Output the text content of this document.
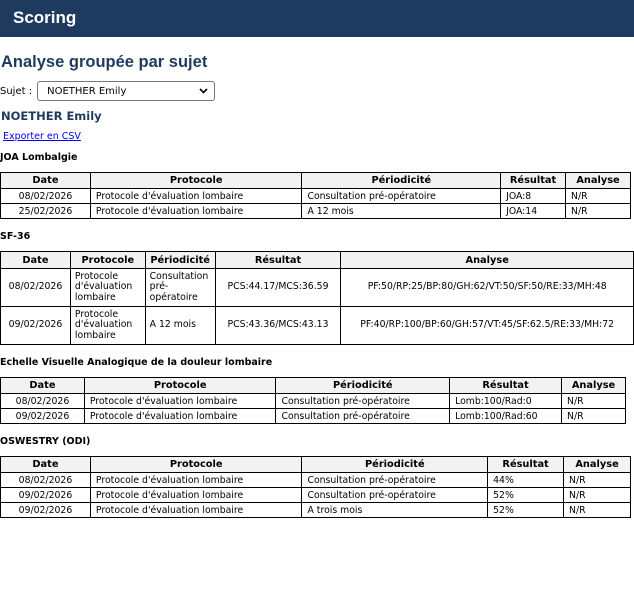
Scoring
Analyse groupée par sujet
Sujet : NOETHER Emily
NOETHER Emily
Exporter en CSV
JOA Lombalgie
Date	Protocole	Périodicité	Résultat	Analyse
08/02/2026	Protocole d'évaluation lombaire	Consultation pré-opératoire	JOA:8	N/R
25/02/2026	Protocole d'évaluation lombaire	A 12 mois	JOA:14	N/R
SF-36
Date	Protocole	Périodicité	Résultat	Analyse
08/02/2026	Protocole d'évaluation lombaire	Consultation pré-opératoire	PCS:44.17/MCS:36.59	PF:50/RP:25/BP:80/GH:62/VT:50/SF:50/RE:33/MH:48
09/02/2026	Protocole d'évaluation lombaire	A 12 mois	PCS:43.36/MCS:43.13	PF:40/RP:100/BP:60/GH:57/VT:45/SF:62.5/RE:33/MH:72
Echelle Visuelle Analogique de la douleur lombaire
Date	Protocole	Périodicité	Résultat	Analyse
08/02/2026	Protocole d'évaluation lombaire	Consultation pré-opératoire	Lomb:100/Rad:0	N/R
09/02/2026	Protocole d'évaluation lombaire	Consultation pré-opératoire	Lomb:100/Rad:60	N/R
OSWESTRY (ODI)
Date	Protocole	Périodicité	Résultat	Analyse
08/02/2026	Protocole d'évaluation lombaire	Consultation pré-opératoire	44%	N/R
09/02/2026	Protocole d'évaluation lombaire	Consultation pré-opératoire	52%	N/R
09/02/2026	Protocole d'évaluation lombaire	A trois mois	52%	N/R
